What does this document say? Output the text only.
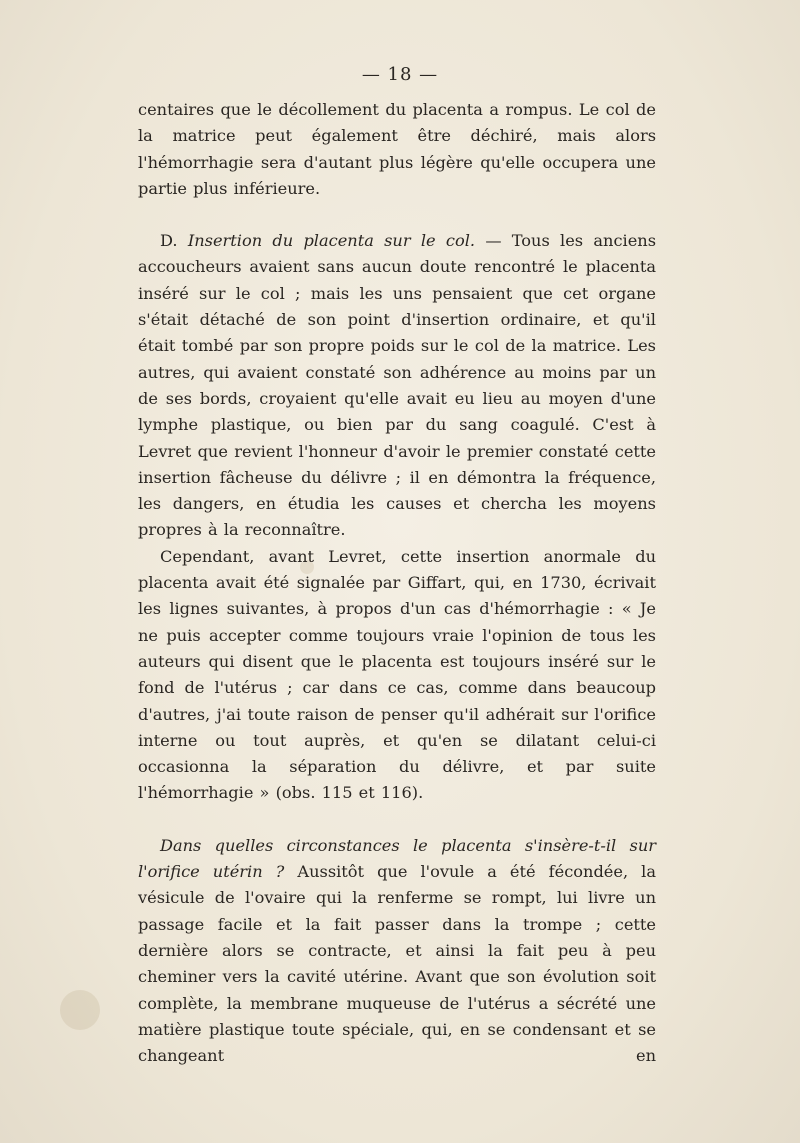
— 18 —

centaires que le décollement du placenta a rompus. Le col de la matrice peut également être déchiré, mais alors l'hémorrhagie sera d'autant plus légère qu'elle occupera une partie plus inférieure.

D. Insertion du placenta sur le col. — Tous les anciens accoucheurs avaient sans aucun doute rencontré le placenta inséré sur le col ; mais les uns pensaient que cet organe s'était détaché de son point d'insertion ordinaire, et qu'il était tombé par son propre poids sur le col de la matrice. Les autres, qui avaient constaté son adhérence au moins par un de ses bords, croyaient qu'elle avait eu lieu au moyen d'une lymphe plastique, ou bien par du sang coagulé. C'est à Levret que revient l'honneur d'avoir le premier constaté cette insertion fâcheuse du délivre ; il en démontra la fréquence, les dangers, en étudia les causes et chercha les moyens propres à la reconnaître.

Cependant, avant Levret, cette insertion anormale du placenta avait été signalée par Giffart, qui, en 1730, écrivait les lignes suivantes, à propos d'un cas d'hémorrhagie : « Je ne puis accepter comme toujours vraie l'opinion de tous les auteurs qui disent que le placenta est toujours inséré sur le fond de l'utérus ; car dans ce cas, comme dans beaucoup d'autres, j'ai toute raison de penser qu'il adhérait sur l'orifice interne ou tout auprès, et qu'en se dilatant celui-ci occasionna la séparation du délivre, et par suite l'hémorrhagie » (obs. 115 et 116).

Dans quelles circonstances le placenta s'insère-t-il sur l'orifice utérin ? Aussitôt que l'ovule a été fécondée, la vésicule de l'ovaire qui la renferme se rompt, lui livre un passage facile et la fait passer dans la trompe ; cette dernière alors se contracte, et ainsi la fait peu à peu cheminer vers la cavité utérine. Avant que son évolution soit complète, la membrane muqueuse de l'utérus a sécrété une matière plastique toute spéciale, qui, en se condensant et se changeant en
